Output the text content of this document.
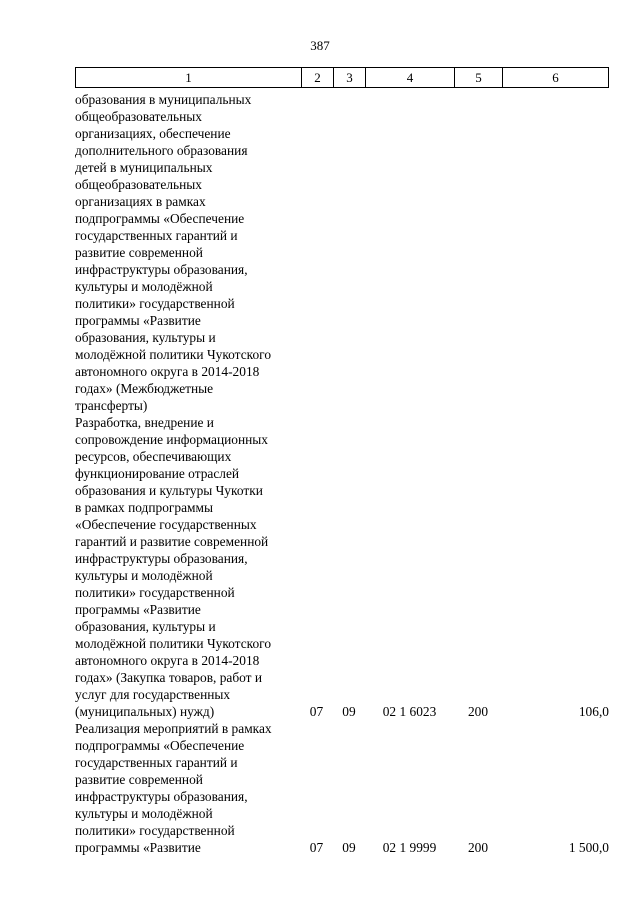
387
1	2	3	4	5	6
образования в муниципальных
общеобразовательных
организациях, обеспечение
дополнительного образования
детей в муниципальных
общеобразовательных
организациях в рамках
подпрограммы «Обеспечение
государственных гарантий и
развитие современной
инфраструктуры образования,
культуры и молодёжной
политики» государственной
программы «Развитие
образования, культуры и
молодёжной политики Чукотского
автономного округа в 2014-2018
годах» (Межбюджетные
трансферты)
Разработка, внедрение и
сопровождение информационных
ресурсов, обеспечивающих
функционирование отраслей
образования и культуры Чукотки
в рамках подпрограммы
«Обеспечение государственных
гарантий и развитие современной
инфраструктуры образования,
культуры и молодёжной
политики» государственной
программы «Развитие
образования, культуры и
молодёжной политики Чукотского
автономного округа в 2014-2018
годах» (Закупка товаров, работ и
услуг для государственных
(муниципальных) нужд)	07	09	02 1 6023	200	106,0
Реализация мероприятий в рамках
подпрограммы «Обеспечение
государственных гарантий и
развитие современной
инфраструктуры образования,
культуры и молодёжной
политики» государственной
программы «Развитие	07	09	02 1 9999	200	1 500,0
